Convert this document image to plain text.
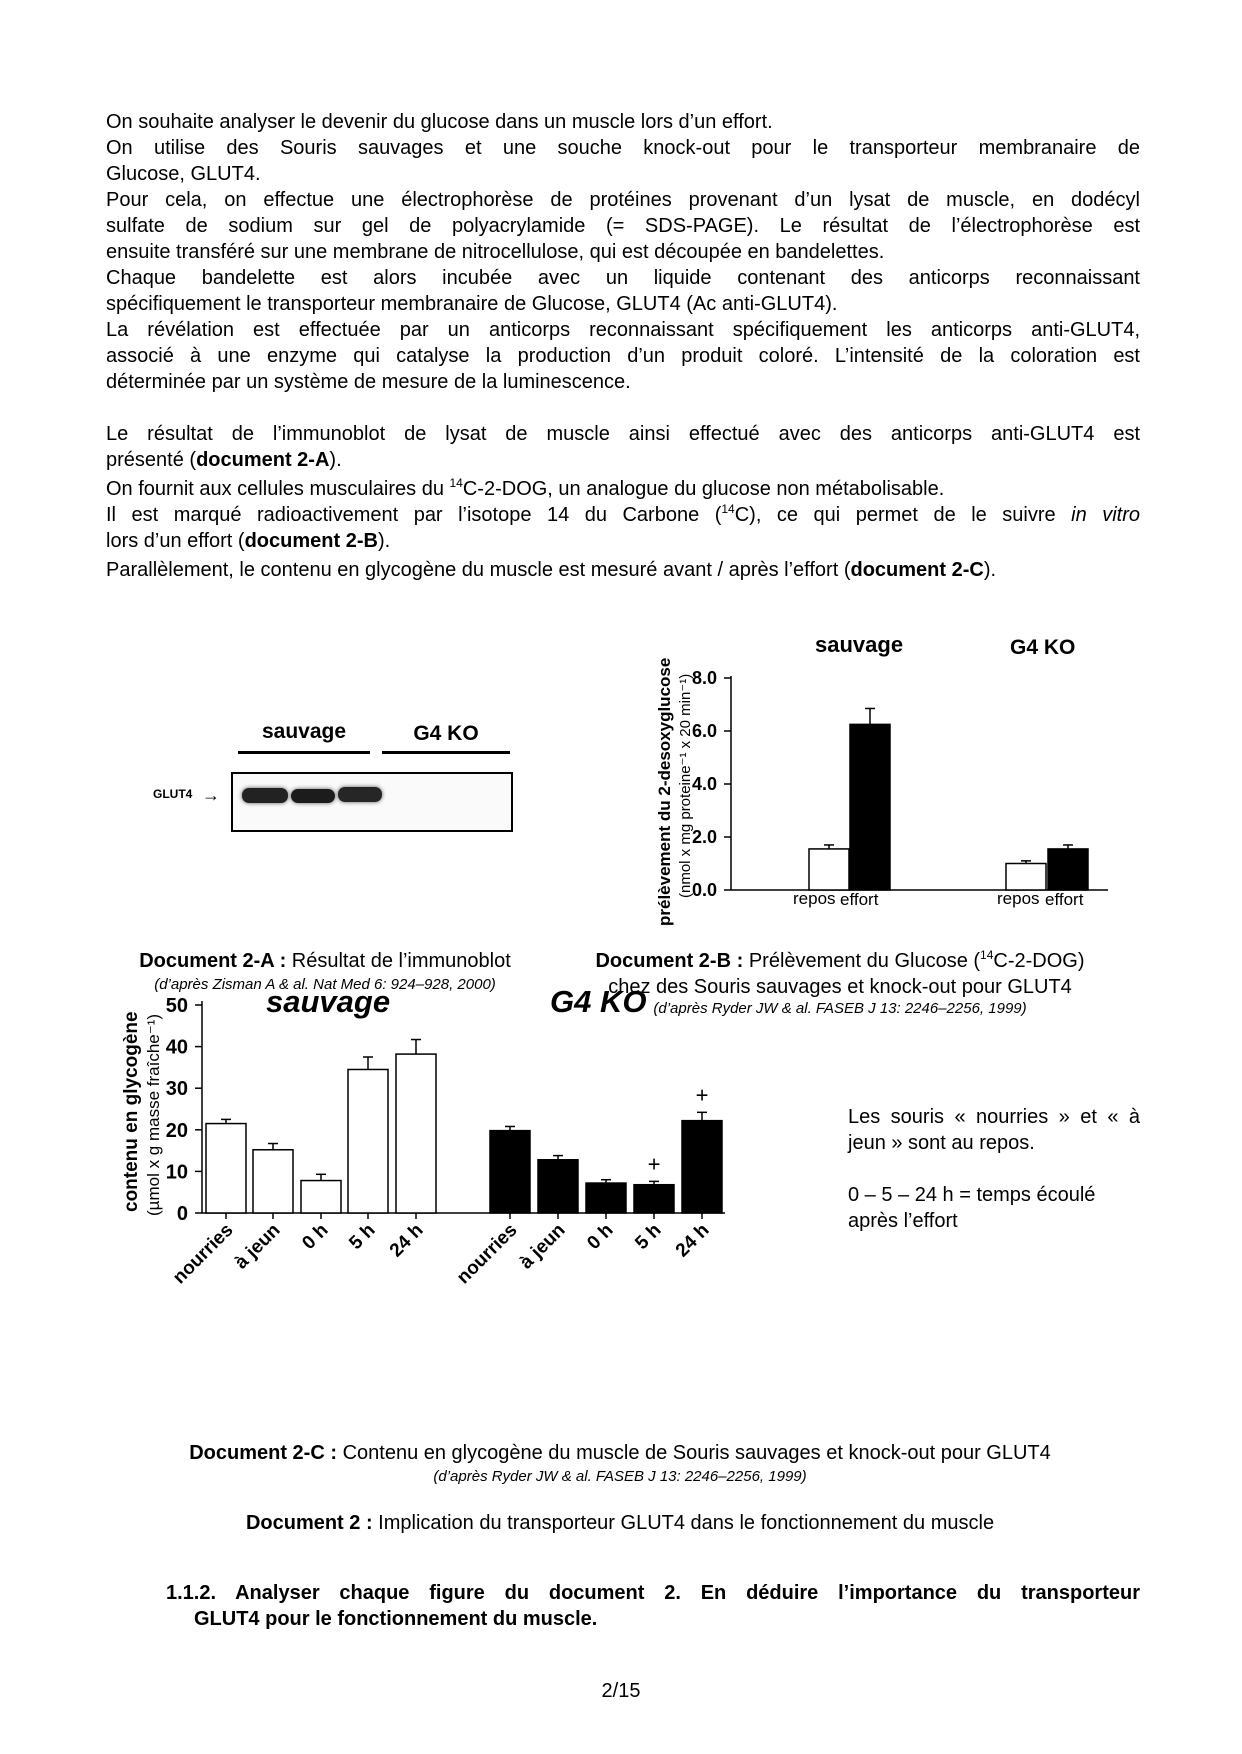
On souhaite analyser le devenir du glucose dans un muscle lors d’un effort.
On utilise des Souris sauvages et une souche knock-out pour le transporteur membranaire de
Glucose, GLUT4.
Pour cela, on effectue une électrophorèse de protéines provenant d’un lysat de muscle, en dodécyl
sulfate de sodium sur gel de polyacrylamide (= SDS-PAGE). Le résultat de l’électrophorèse est
ensuite transféré sur une membrane de nitrocellulose, qui est découpée en bandelettes.
Chaque bandelette est alors incubée avec un liquide contenant des anticorps reconnaissant
spécifiquement le transporteur membranaire de Glucose, GLUT4 (Ac anti-GLUT4).
La révélation est effectuée par un anticorps reconnaissant spécifiquement les anticorps anti-GLUT4,
associé à une enzyme qui catalyse la production d’un produit coloré. L’intensité de la coloration est
déterminée par un système de mesure de la luminescence.
Le résultat de l’immunoblot de lysat de muscle ainsi effectué avec des anticorps anti-GLUT4 est
présenté (document 2-A).
On fournit aux cellules musculaires du $^{14}$C-2-DOG, un analogue du glucose non métabolisable.
Il est marqué radioactivement par l’isotope 14 du Carbone ($^{14}$C), ce qui permet de le suivre in vitro
lors d’un effort (document 2-B).
Parallèlement, le contenu en glycogène du muscle est mesuré avant / après l’effort (document 2-C).
sauvage	G4 KO
GLUT4 →
Document 2-A : Résultat de l’immunoblot
(d’après Zisman A & al. Nat Med 6: 924–928, 2000)
prélèvement du 2-desoxyglucose (nmol x mg proteine⁻¹ x 20 min⁻¹)
sauvage	G4 KO
0.0
2.0
4.0
6.0
8.0
repos effort	repos effort
Document 2-B : Prélèvement du Glucose ($^{14}$C-2-DOG)
chez des Souris sauvages et knock-out pour GLUT4
(d’après Ryder JW & al. FASEB J 13: 2246–2256, 1999)
contenu en glycogène (µmol x g masse fraîche⁻¹)
sauvage	G4 KO
0
10
20
30
40
50
nourries
à jeun 0 h 5 h 24 h nourries
à jeun 0 h
+
5 h
+
24 h
Les souris « nourries » et « à jeun » sont au repos.
0 – 5 – 24 h = temps écoulé après l’effort
Document 2-C : Contenu en glycogène du muscle de Souris sauvages et knock-out pour GLUT4
(d’après Ryder JW & al. FASEB J 13: 2246–2256, 1999)
Document 2 : Implication du transporteur GLUT4 dans le fonctionnement du muscle
1.1.2. Analyser chaque figure du document 2. En déduire l’importance du transporteur
GLUT4 pour le fonctionnement du muscle.
2/15
